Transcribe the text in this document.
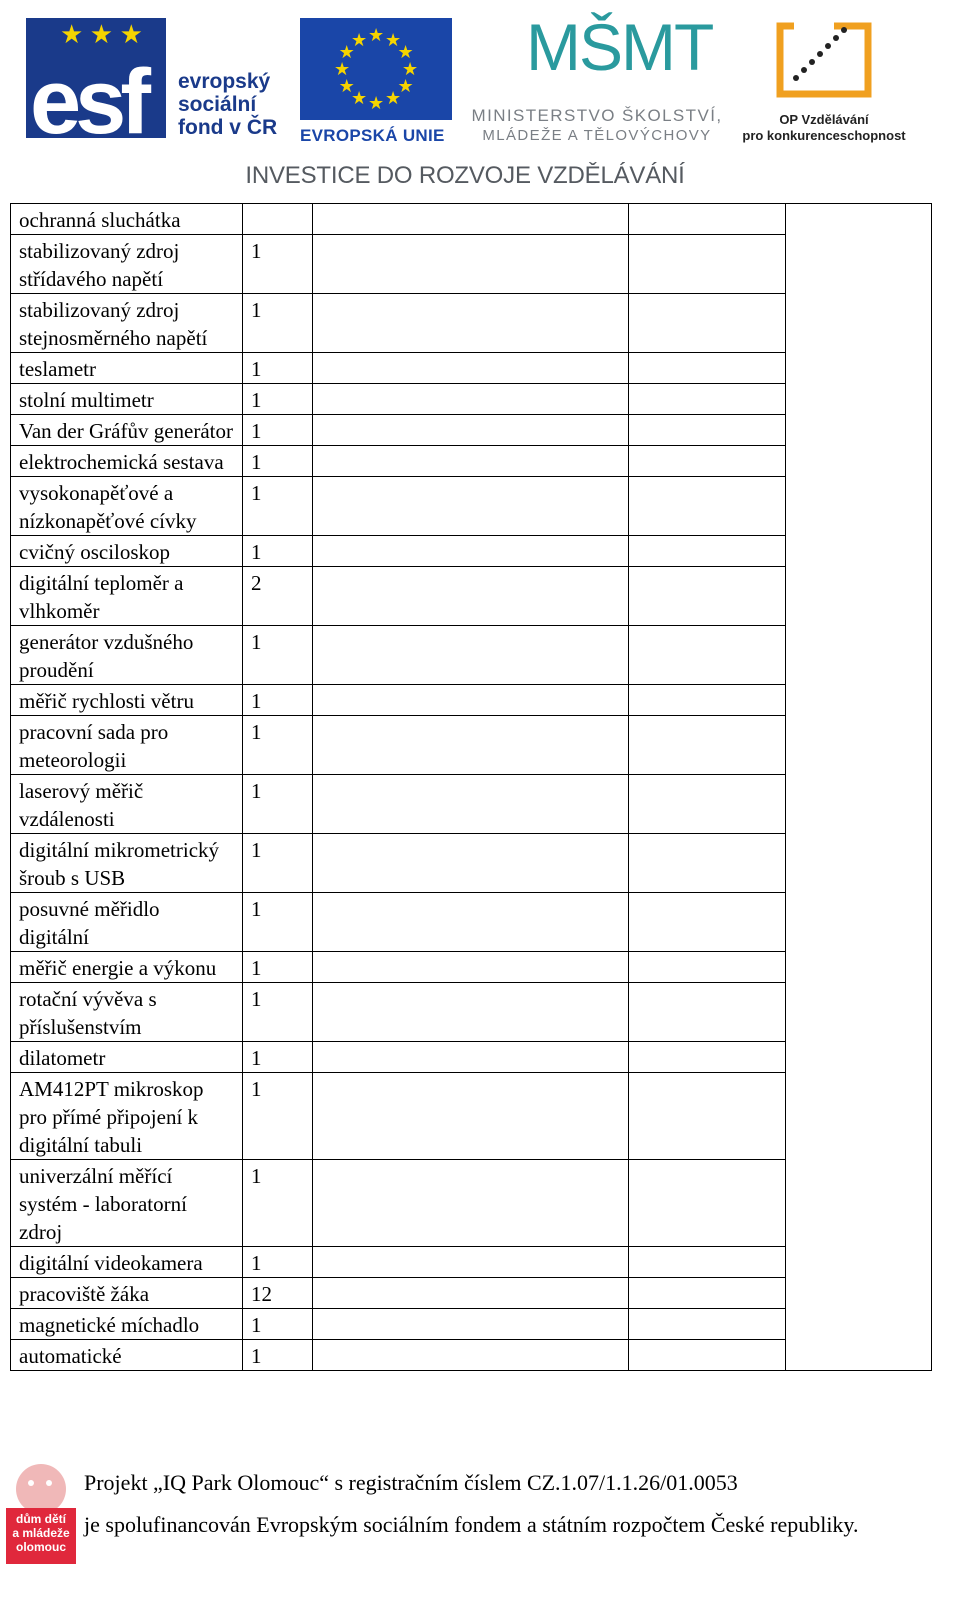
★ ★ ★
esf evropský
sociální
fond v ČR
★
★
★
★
★
★
★
★
★ ★ ★
★
EVROPSKÁ UNIE
MŠMT
MINISTERSTVO ŠKOLSTVÍ,
MLÁDEŽE A TĚLOVÝCHOVY
OP Vzdělávání
pro konkurenceschopnost
INVESTICE DO ROZVOJE VZDĚLÁVÁNÍ
ochranná sluchátka				
stabilizovaný zdroj střídavého napětí	1			
stabilizovaný zdroj stejnosměrného napětí	1			
teslametr	1			
stolní multimetr	1			
Van der Gráfův generátor	1			
elektrochemická sestava	1			
vysokonapěťové a nízkonapěťové cívky	1			
cvičný osciloskop	1			
digitální teploměr a vlhkoměr	2			
generátor vzdušného proudění	1			
měřič rychlosti větru	1			
pracovní sada pro meteorologii	1			
laserový měřič vzdálenosti	1			
digitální mikrometrický šroub s USB	1			
posuvné měřidlo digitální	1			
měřič energie a výkonu	1			
rotační vývěva s příslušenstvím	1			
dilatometr	1			
AM412PT mikroskop pro přímé připojení k digitální tabuli	1			
univerzální měřící systém - laboratorní zdroj	1			
digitální videokamera	1			
pracoviště žáka	12			
magnetické míchadlo	1			
automatické	1			
dům dětí
a mládeže
olomouc
Projekt „IQ Park Olomouc“ s registračním číslem CZ.1.07/1.1.26/01.0053
je spolufinancován Evropským sociálním fondem a státním rozpočtem České republiky.
